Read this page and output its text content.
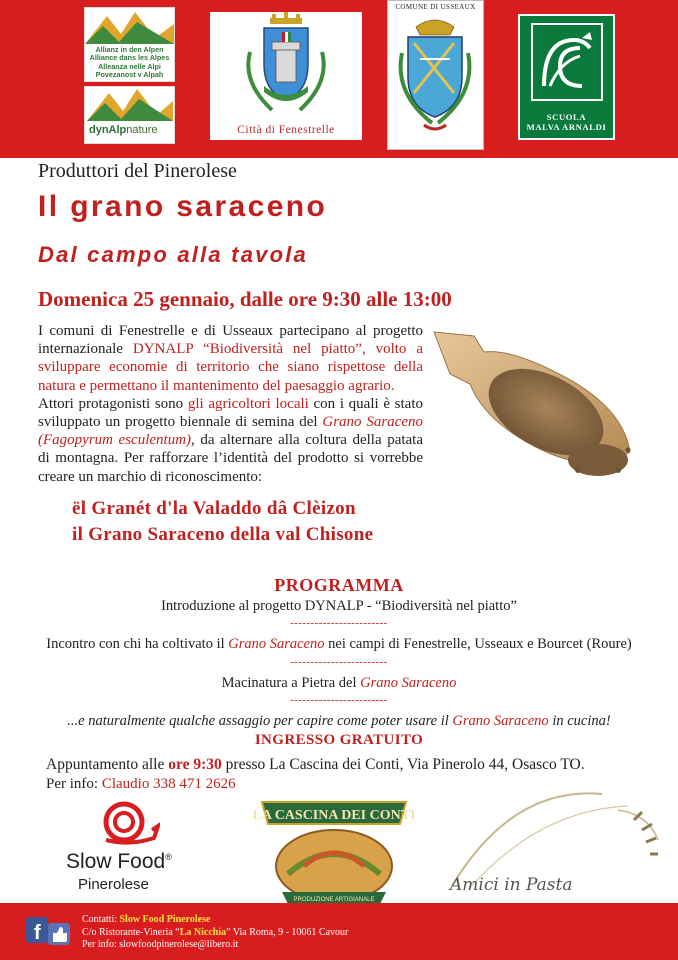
Allianz in den Alpen
Alliance dans les Alpes
Alleanza nelle Alpi
Povezanost v Alpah
dynAlpnature	Città di Fenestrelle
COMUNE DI USSEAUX
SCUOLA
MALVA ARNALDI
Produttori del Pinerolese
Il grano saraceno
Dal campo alla tavola
Domenica 25 gennaio, dalle ore 9:30 alle 13:00
I comuni di Fenestrelle e di Usseaux partecipano al progetto internazionale DYNALP “Biodiversità nel piatto”, volto a sviluppare economie di territorio che siano rispettose della natura e permettano il mantenimento del paesaggio agrario.
Attori protagonisti sono gli agricoltori locali con i quali è stato sviluppato un progetto biennale di semina del Grano Saraceno (Fagopyrum esculentum), da alternare alla coltura della patata di montagna. Per rafforzare l’identità del prodotto si vorrebbe creare un marchio di riconoscimento:
ël Granét d'la Valaddo dâ Clèizon
il Grano Saraceno della val Chisone
PROGRAMMA
Introduzione al progetto DYNALP - “Biodiversità nel piatto”
------------------------
Incontro con chi ha coltivato il Grano Saraceno nei campi di Fenestrelle, Usseaux e Bourcet (Roure)
------------------------
Macinatura a Pietra del Grano Saraceno
------------------------
...e naturalmente qualche assaggio per capire come poter usare il Grano Saraceno in cucina!
INGRESSO GRATUITO
Appuntamento alle ore 9:30 presso La Cascina dei Conti, Via Pinerolo 44, Osasco TO.
Per info: Claudio 338 471 2626
Slow Food®
Pinerolese
LA CASCINA DEI CONTI
PRODUZIONE ARTIGIANALE
Amici in Pasta
f
Contatti: Slow Food Pinerolese
C/o Ristorante-Vineria “La Nicchia” Via Roma, 9 - 10061 Cavour
Per info: slowfoodpinerolese@libero.it
